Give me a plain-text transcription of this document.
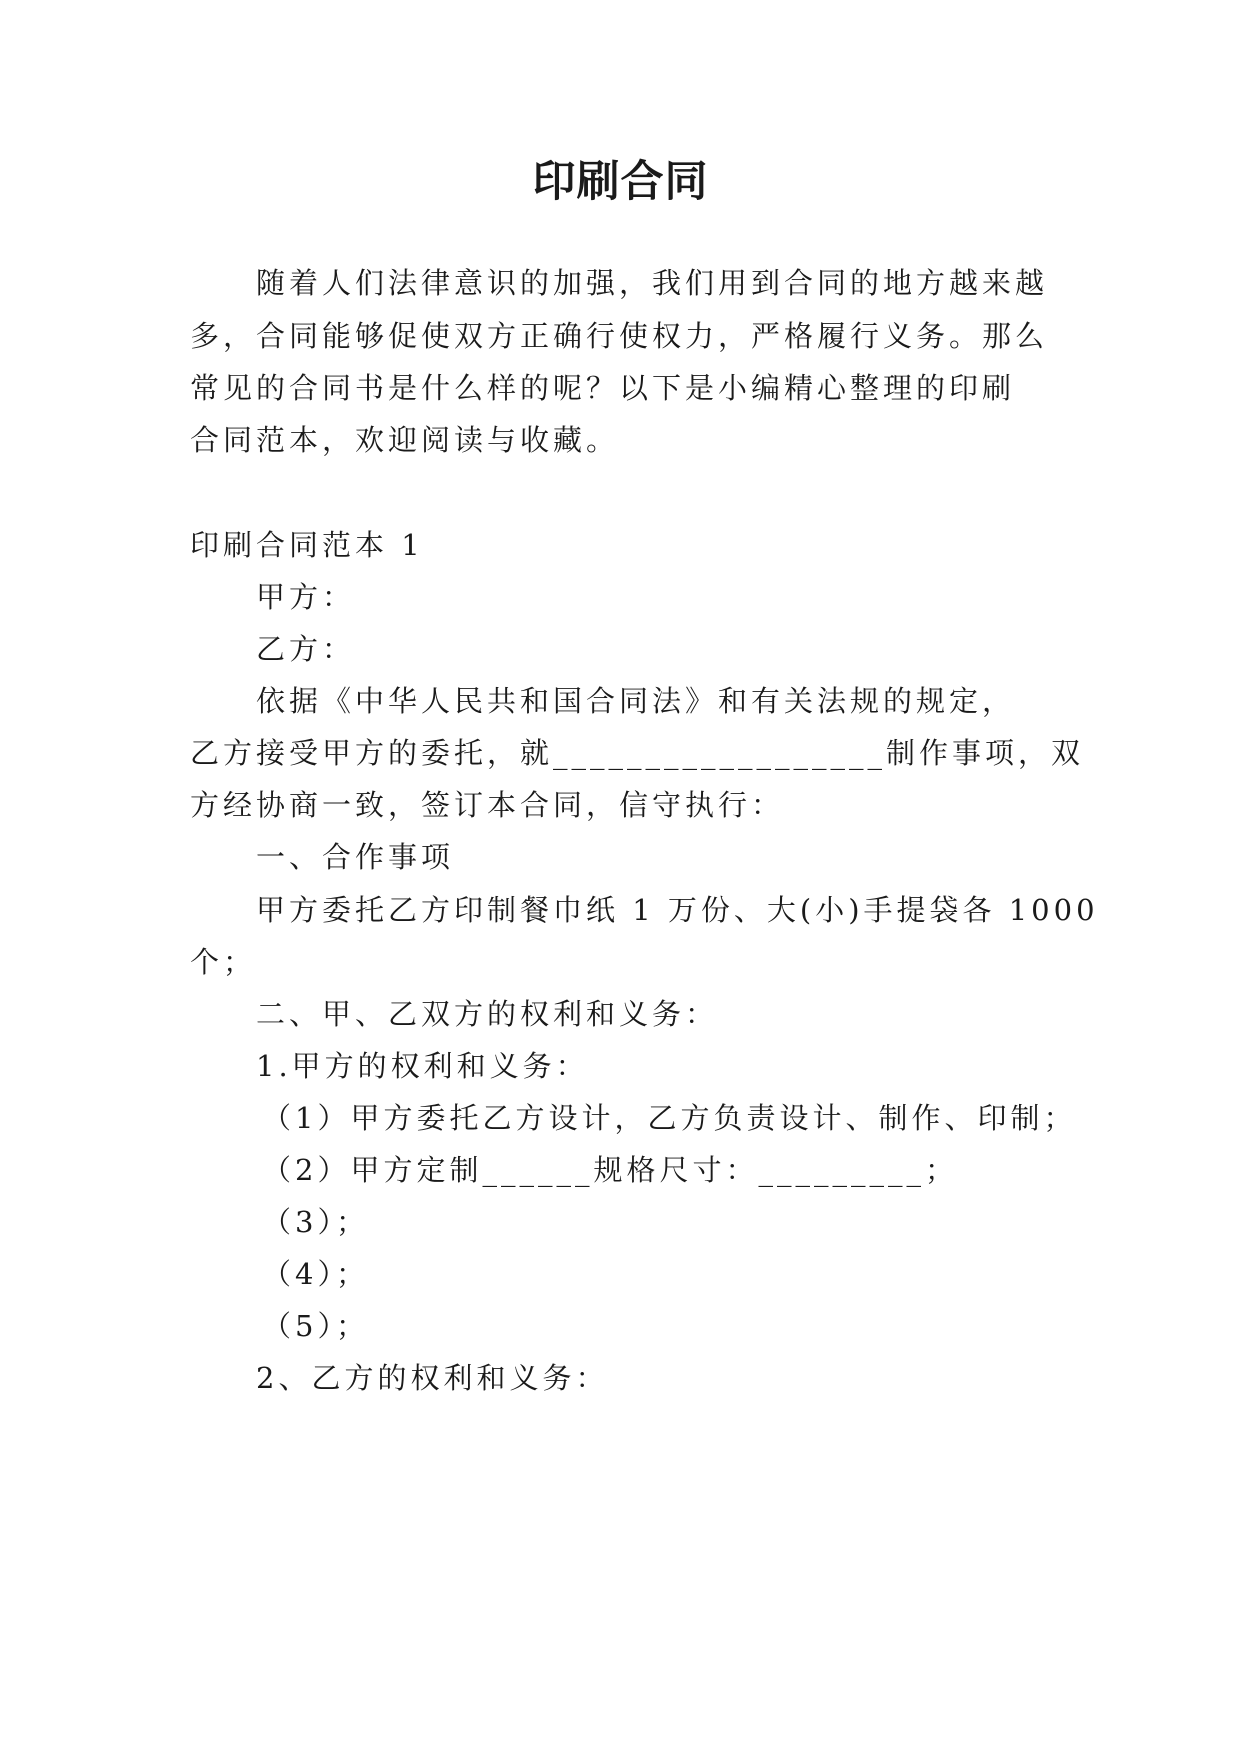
印刷合同
随着人们法律意识的加强，我们用到合同的地方越来越
多，合同能够促使双方正确行使权力，严格履行义务。那么
常见的合同书是什么样的呢？以下是小编精心整理的印刷
合同范本，欢迎阅读与收藏。
印刷合同范本 1
甲方：
乙方：
依据《中华人民共和国合同法》和有关法规的规定，
乙方接受甲方的委托，就__________________制作事项，双
方经协商一致，签订本合同，信守执行：
一、合作事项
甲方委托乙方印制餐巾纸 1 万份、大(小)手提袋各 1000
个；
二、甲、乙双方的权利和义务：
1.甲方的权利和义务：
（1）甲方委托乙方设计，乙方负责设计、制作、印制；
（2）甲方定制______规格尺寸：_________；
（3）；
（4）；
（5）；
2、乙方的权利和义务：
